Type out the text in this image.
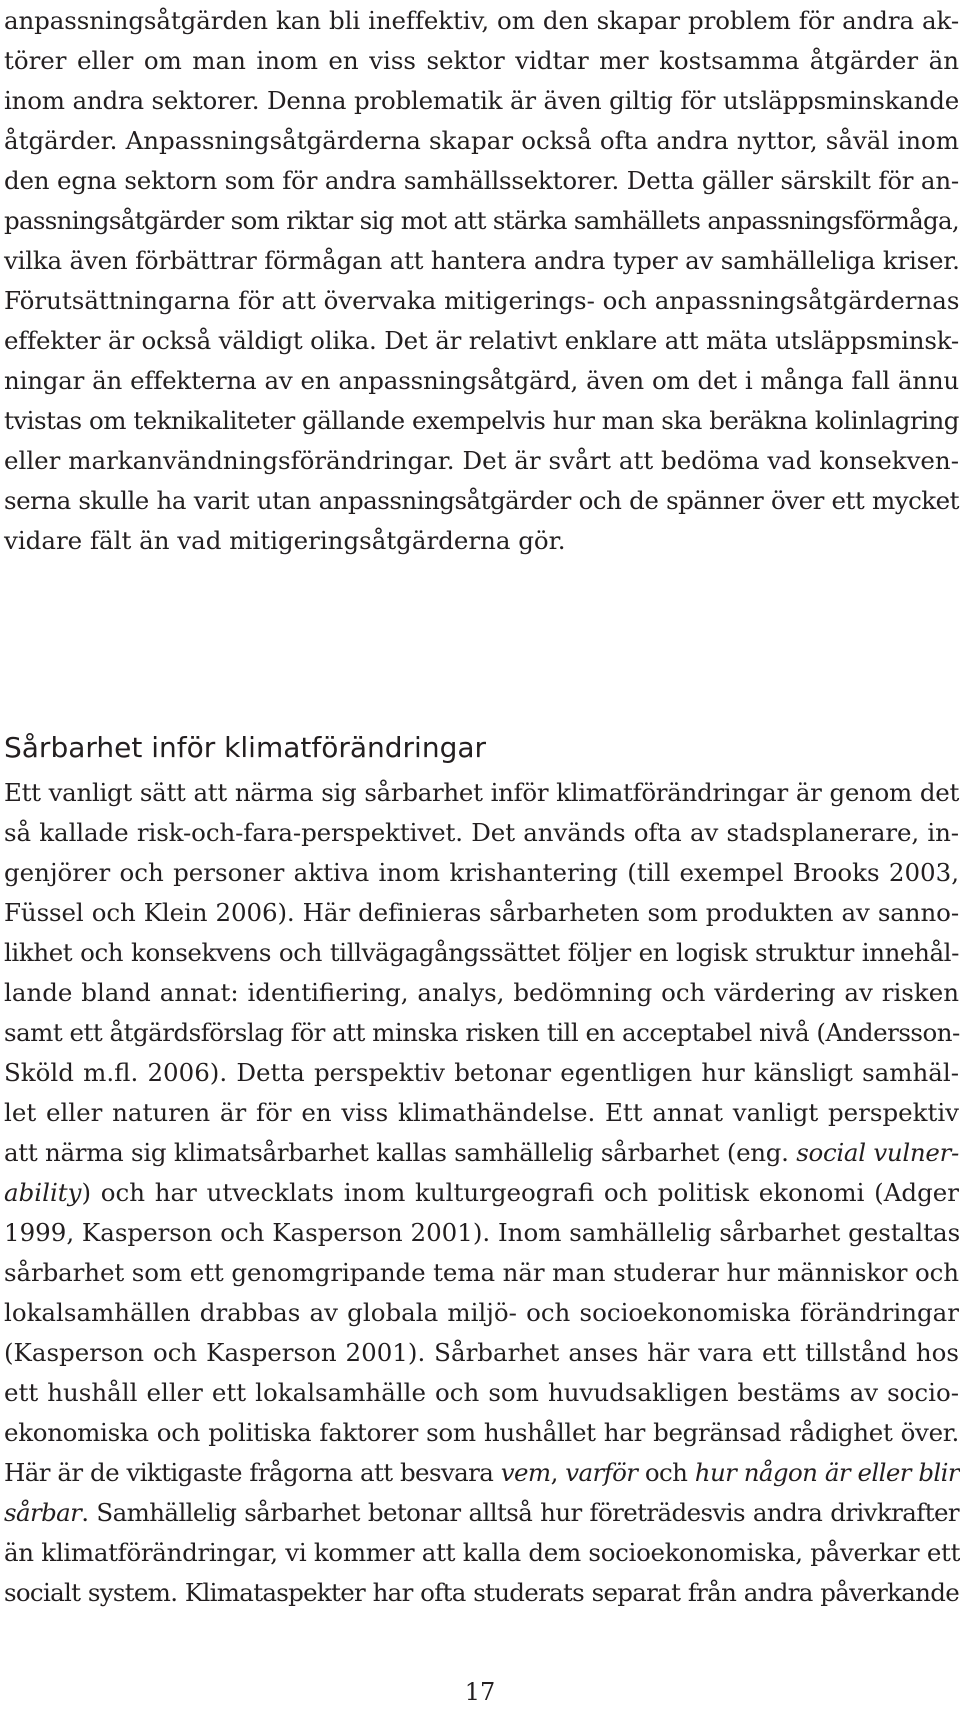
anpassningsåtgärden kan bli ineffektiv, om den skapar problem för andra ak-
törer eller om man inom en viss sektor vidtar mer kostsamma åtgärder än
inom andra sektorer. Denna problematik är även giltig för utsläppsminskande
åtgärder. Anpassningsåtgärderna skapar också ofta andra nyttor, såväl inom
den egna sektorn som för andra samhällssektorer. Detta gäller särskilt för an-
passningsåtgärder som riktar sig mot att stärka samhällets anpassningsförmåga,
vilka även förbättrar förmågan att hantera andra typer av samhälleliga kriser.
Förutsättningarna för att övervaka mitigerings- och anpassningsåtgärdernas
effekter är också väldigt olika. Det är relativt enklare att mäta utsläppsminsk-
ningar än effekterna av en anpassningsåtgärd, även om det i många fall ännu
tvistas om teknikaliteter gällande exempelvis hur man ska beräkna kolinlagring
eller markanvändningsförändringar. Det är svårt att bedöma vad konsekven-
serna skulle ha varit utan anpassningsåtgärder och de spänner över ett mycket
vidare fält än vad mitigeringsåtgärderna gör.
Sårbarhet inför klimatförändringar
Ett vanligt sätt att närma sig sårbarhet inför klimatförändringar är genom det
så kallade risk-och-fara-perspektivet. Det används ofta av stadsplanerare, in-
genjörer och personer aktiva inom krishantering (till exempel Brooks 2003,
Füssel och Klein 2006). Här definieras sårbarheten som produkten av sanno-
likhet och konsekvens och tillvägagångssättet följer en logisk struktur innehål-
lande bland annat: identifiering, analys, bedömning och värdering av risken
samt ett åtgärdsförslag för att minska risken till en acceptabel nivå (Andersson-
Sköld m.fl. 2006). Detta perspektiv betonar egentligen hur känsligt samhäl-
let eller naturen är för en viss klimathändelse. Ett annat vanligt perspektiv
att närma sig klimatsårbarhet kallas samhällelig sårbarhet (eng. social vulner-
ability) och har utvecklats inom kulturgeografi och politisk ekonomi (Adger
1999, Kasperson och Kasperson 2001). Inom samhällelig sårbarhet gestaltas
sårbarhet som ett genomgripande tema när man studerar hur människor och
lokalsamhällen drabbas av globala miljö- och socioekonomiska förändringar
(Kasperson och Kasperson 2001). Sårbarhet anses här vara ett tillstånd hos
ett hushåll eller ett lokalsamhälle och som huvudsakligen bestäms av socio-
ekonomiska och politiska faktorer som hushållet har begränsad rådighet över.
Här är de viktigaste frågorna att besvara vem, varför och hur någon är eller blir
sårbar. Samhällelig sårbarhet betonar alltså hur företrädesvis andra drivkrafter
än klimatförändringar, vi kommer att kalla dem socioekonomiska, påverkar ett
socialt system. Klimataspekter har ofta studerats separat från andra påverkande
17
